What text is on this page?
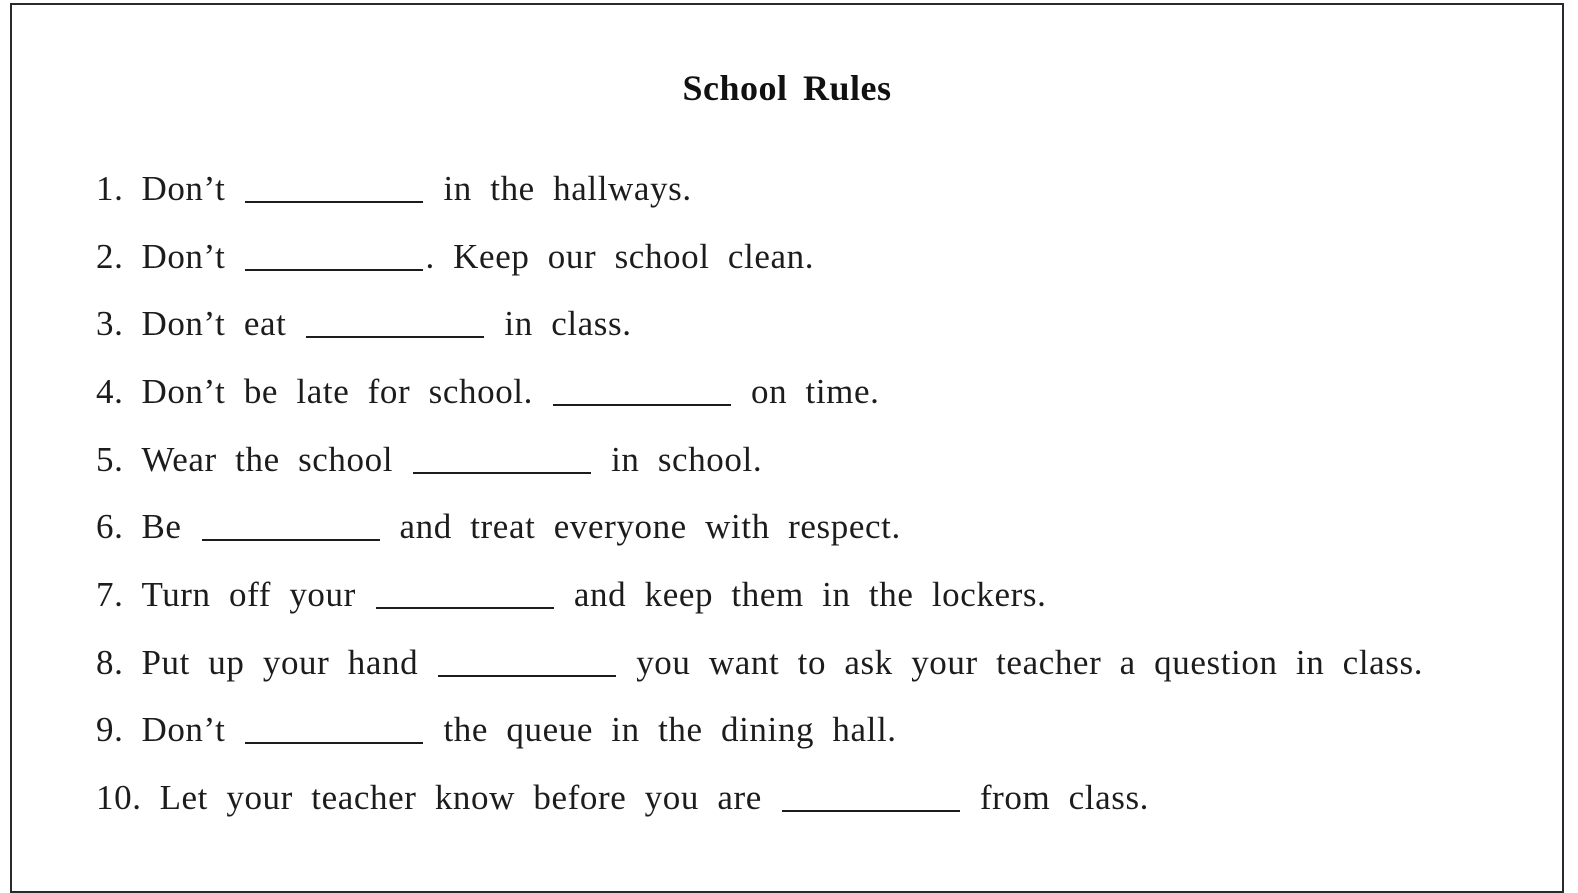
School Rules
1. Don’t	in the hallways.
2. Don’t	. Keep our school clean.
3. Don’t eat	in class.
4. Don’t be late for school.	on time.
5. Wear the school	in school.
6. Be	and treat everyone with respect.
7. Turn off your	and keep them in the lockers.
8. Put up your hand	you want to ask your teacher a question in class.
9. Don’t	the queue in the dining hall.
10. Let your teacher know before you are	from class.
